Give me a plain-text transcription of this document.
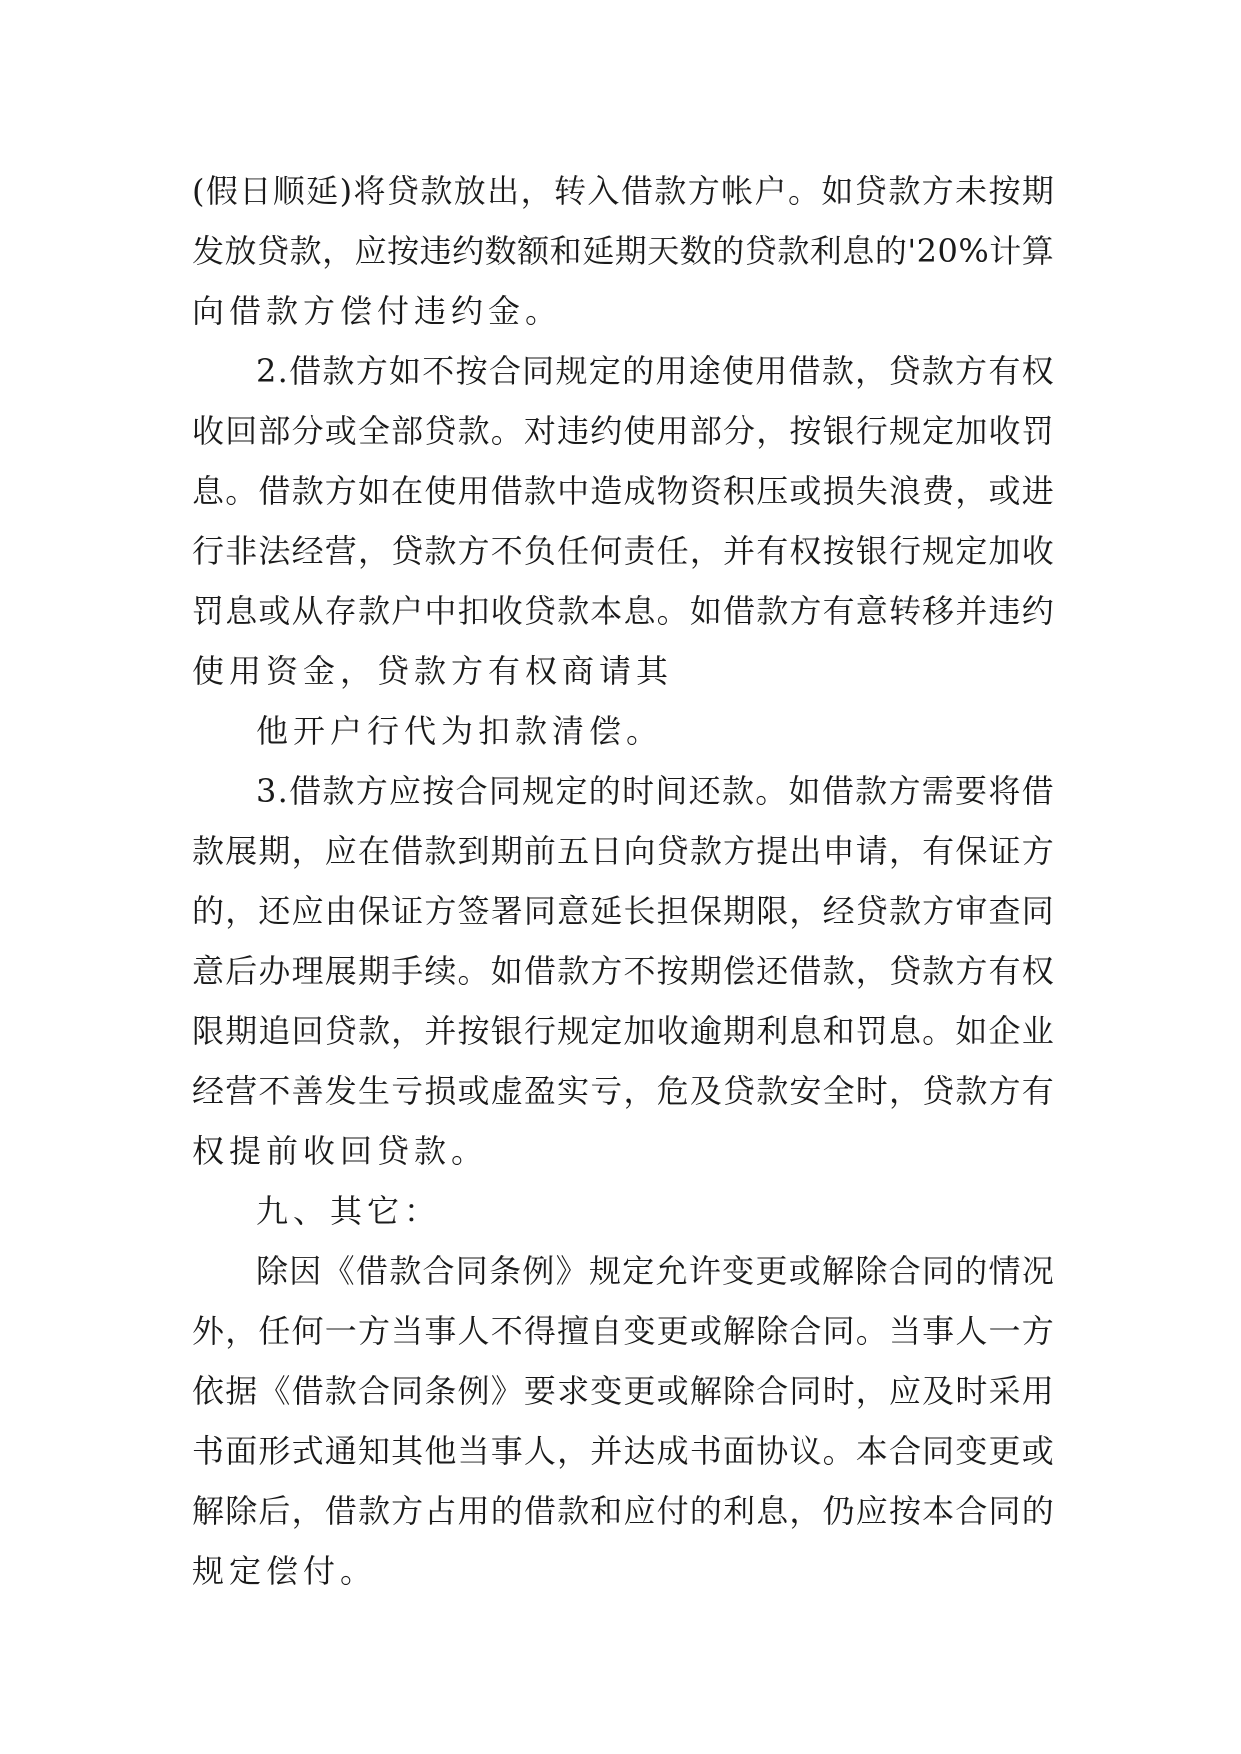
( 假 日 顺 延 ) 将 贷 款 放 出 ， 转 入 借 款 方 帐 户 。 如 贷 款 方 未 按 期
发 放 贷 款 ， 应 按 违 约 数 额 和 延 期 天 数 的 贷 款 利 息 的 ' 2 0 % 计 算
向借款方偿付违约金。
2 . 借 款 方 如 不 按 合 同 规 定 的 用 途 使 用 借 款 ， 贷 款 方 有 权
收 回 部 分 或 全 部 贷 款 。 对 违 约 使 用 部 分 ， 按 银 行 规 定 加 收 罚
息 。 借 款 方 如 在 使 用 借 款 中 造 成 物 资 积 压 或 损 失 浪 费 ， 或 进
行 非 法 经 营 ， 贷 款 方 不 负 任 何 责 任 ， 并 有 权 按 银 行 规 定 加 收
罚 息 或 从 存 款 户 中 扣 收 贷 款 本 息 。 如 借 款 方 有 意 转 移 并 违 约
使用资金，贷款方有权商请其
他开户行代为扣款清偿。
3 . 借 款 方 应 按 合 同 规 定 的 时 间 还 款 。 如 借 款 方 需 要 将 借
款 展 期 ， 应 在 借 款 到 期 前 五 日 向 贷 款 方 提 出 申 请 ， 有 保 证 方
的 ， 还 应 由 保 证 方 签 署 同 意 延 长 担 保 期 限 ， 经 贷 款 方 审 查 同
意 后 办 理 展 期 手 续 。 如 借 款 方 不 按 期 偿 还 借 款 ， 贷 款 方 有 权
限 期 追 回 贷 款 ， 并 按 银 行 规 定 加 收 逾 期 利 息 和 罚 息 。 如 企 业
经 营 不 善 发 生 亏 损 或 虚 盈 实 亏 ， 危 及 贷 款 安 全 时 ， 贷 款 方 有
权提前收回贷款。
九、其它：
除 因 《 借 款 合 同 条 例 》 规 定 允 许 变 更 或 解 除 合 同 的 情 况
外 ， 任 何 一 方 当 事 人 不 得 擅 自 变 更 或 解 除 合 同 。 当 事 人 一 方
依 据 《 借 款 合 同 条 例 》 要 求 变 更 或 解 除 合 同 时 ， 应 及 时 采 用
书 面 形 式 通 知 其 他 当 事 人 ， 并 达 成 书 面 协 议 。 本 合 同 变 更 或
解 除 后 ， 借 款 方 占 用 的 借 款 和 应 付 的 利 息 ， 仍 应 按 本 合 同 的
规定偿付。
